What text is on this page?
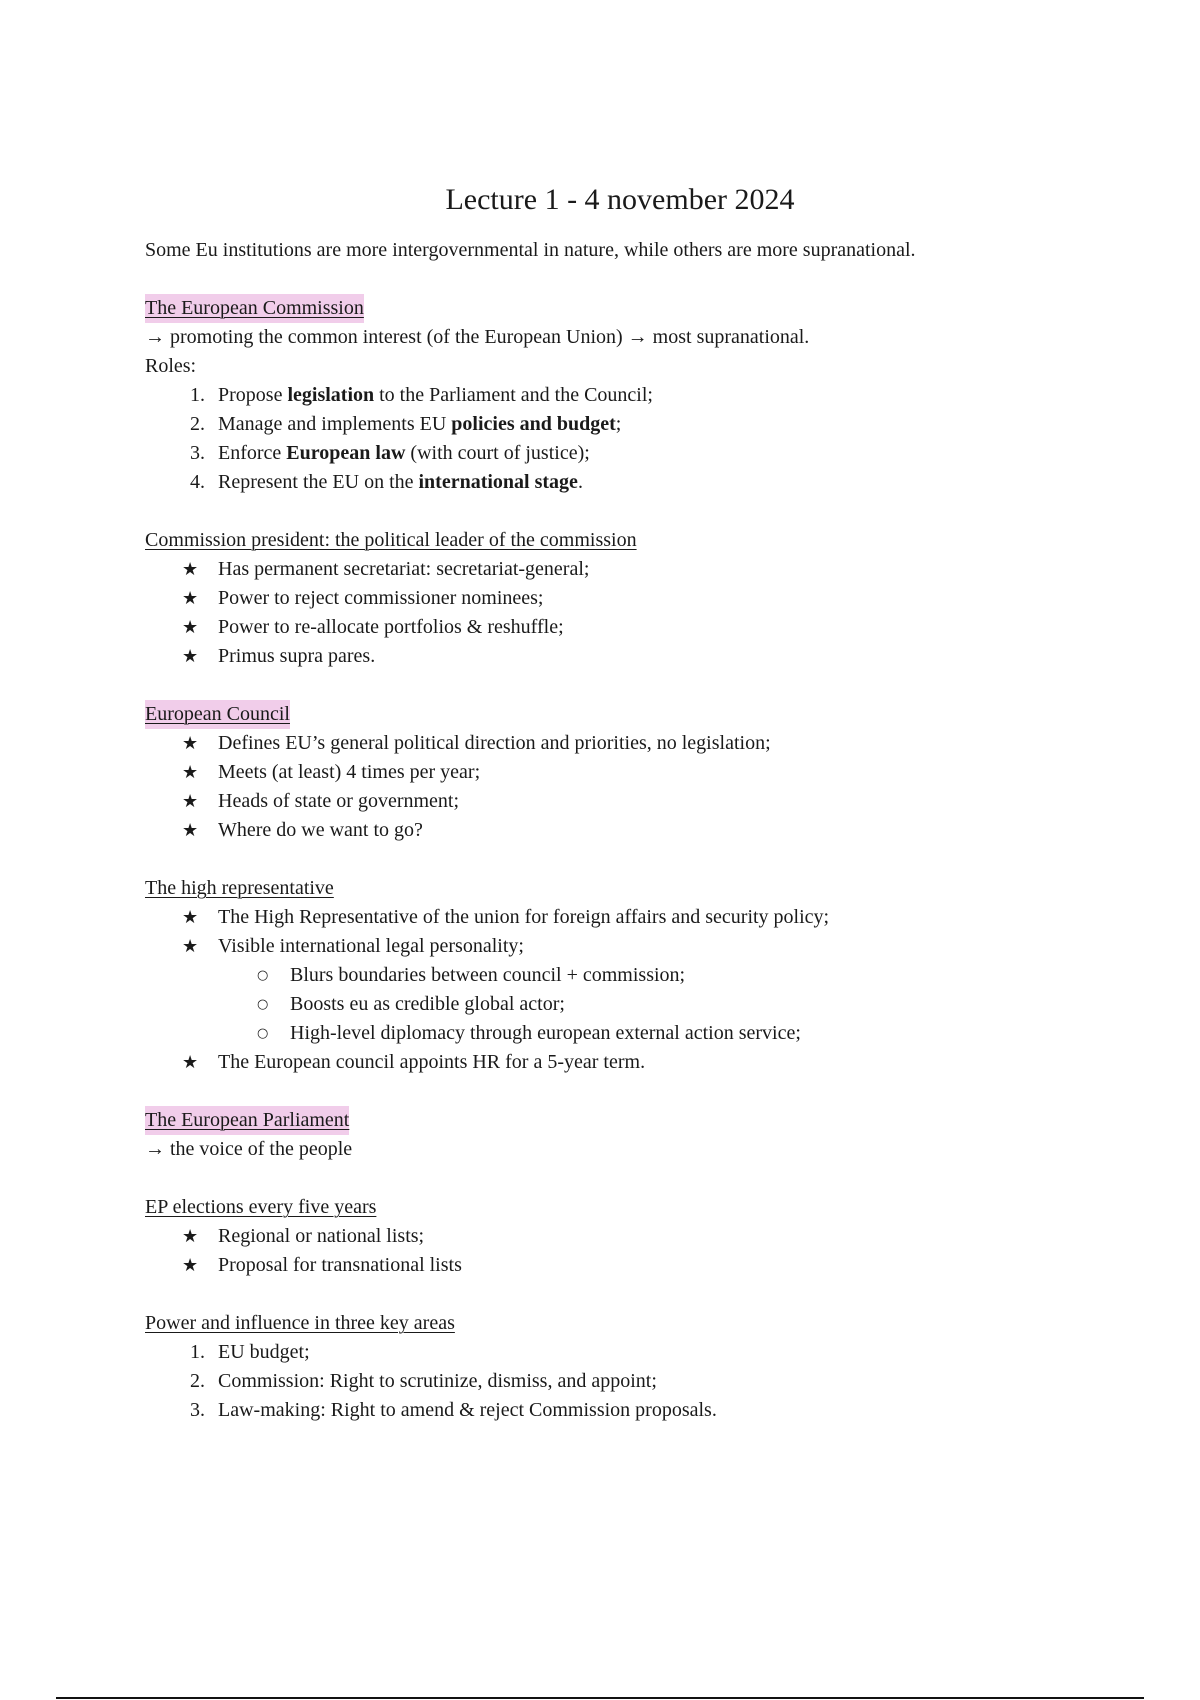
Lecture 1 - 4 november 2024

Some Eu institutions are more intergovernmental in nature, while others are more supranational.

The European Commission

→ promoting the common interest (of the European Union) → most supranational.

Roles:

1. Propose legislation to the Parliament and the Council;
2. Manage and implements EU policies and budget;
3. Enforce European law (with court of justice);
4. Represent the EU on the international stage.

Commission president: the political leader of the commission

★ Has permanent secretariat: secretariat-general;
★ Power to reject commissioner nominees;
★ Power to re-allocate portfolios & reshuffle;
★ Primus supra pares.

European Council

★ Defines EU’s general political direction and priorities, no legislation;
★ Meets (at least) 4 times per year;
★ Heads of state or government;
★ Where do we want to go?

The high representative

★ The High Representative of the union for foreign affairs and security policy;
★ Visible international legal personality;
○ Blurs boundaries between council + commission;
○ Boosts eu as credible global actor;
○ High-level diplomacy through european external action service;
★ The European council appoints HR for a 5-year term.

The European Parliament

→ the voice of the people

EP elections every five years

★ Regional or national lists;
★ Proposal for transnational lists

Power and influence in three key areas

1. EU budget;
2. Commission: Right to scrutinize, dismiss, and appoint;
3. Law-making: Right to amend & reject Commission proposals.
